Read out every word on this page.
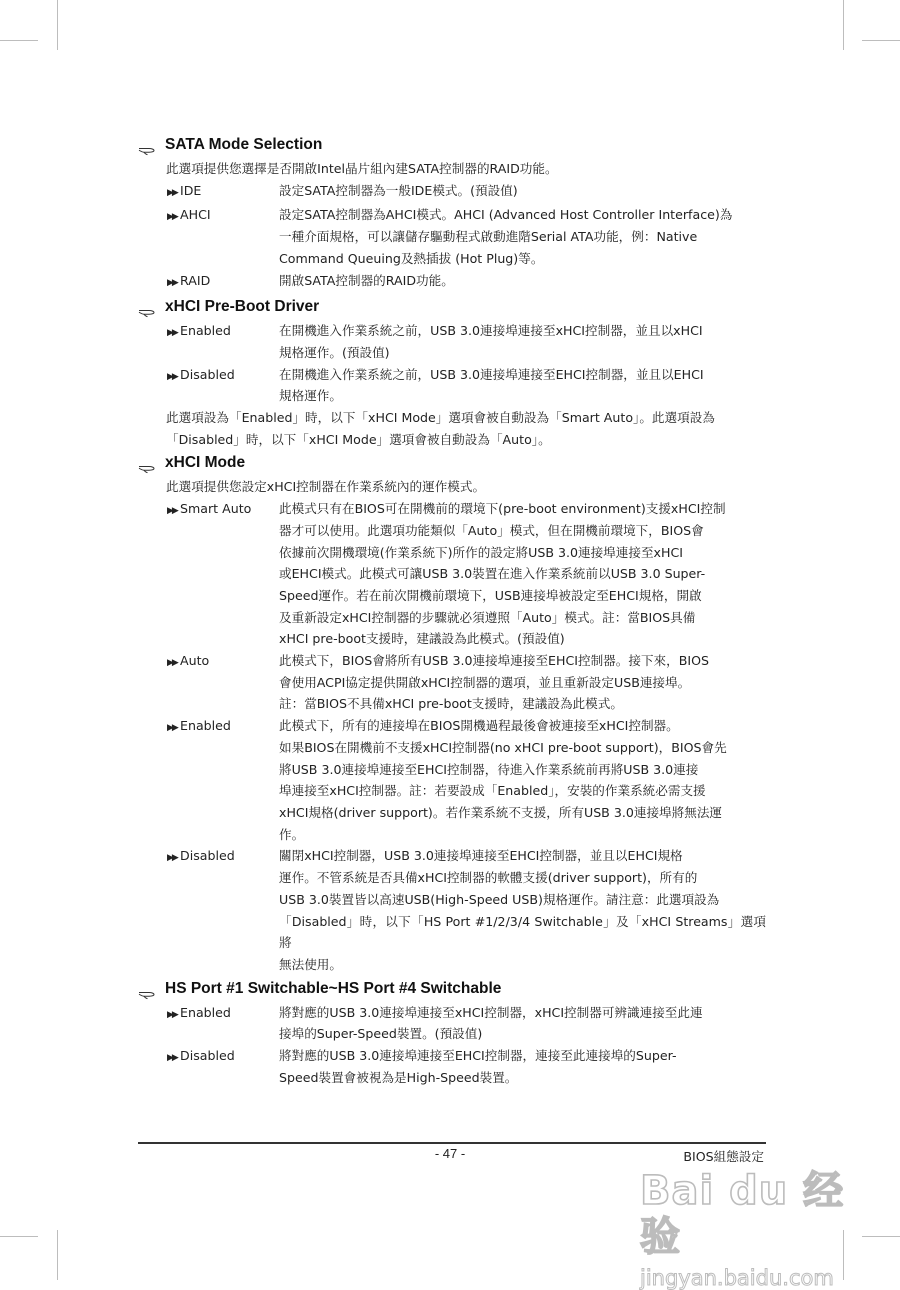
SATA Mode Selection
此選項提供您選擇是否開啟Intel晶片組內建SATA控制器的RAID功能。
▶▶ IDE	設定SATA控制器為一般IDE模式。(預設值)
▶▶ AHCI	設定SATA控制器為AHCI模式。AHCI (Advanced Host Controller Interface)為
一種介面規格，可以讓儲存驅動程式啟動進階Serial ATA功能，例：Native
Command Queuing及熱插拔 (Hot Plug)等。
▶▶ RAID	開啟SATA控制器的RAID功能。
xHCI Pre-Boot Driver
▶▶ Enabled	在開機進入作業系統之前，USB 3.0連接埠連接至xHCI控制器，並且以xHCI
規格運作。(預設值)
▶▶ Disabled	在開機進入作業系統之前，USB 3.0連接埠連接至EHCI控制器，並且以EHCI
規格運作。
此選項設為「Enabled」時，以下「xHCI Mode」選項會被自動設為「Smart Auto」。此選項設為
「Disabled」時，以下「xHCI Mode」選項會被自動設為「Auto」。
xHCI Mode
此選項提供您設定xHCI控制器在作業系統內的運作模式。
▶▶ Smart Auto	此模式只有在BIOS可在開機前的環境下(pre-boot environment)支援xHCI控制
器才可以使用。此選項功能類似「Auto」模式，但在開機前環境下，BIOS會
依據前次開機環境(作業系統下)所作的設定將USB 3.0連接埠連接至xHCI
或EHCI模式。此模式可讓USB 3.0裝置在進入作業系統前以USB 3.0 Super-
Speed運作。若在前次開機前環境下，USB連接埠被設定至EHCI規格，開啟
及重新設定xHCI控制器的步驟就必須遵照「Auto」模式。註：當BIOS具備
xHCI pre-boot支援時，建議設為此模式。(預設值)
▶▶ Auto	此模式下，BIOS會將所有USB 3.0連接埠連接至EHCI控制器。接下來，BIOS
會使用ACPI協定提供開啟xHCI控制器的選項，並且重新設定USB連接埠。
註：當BIOS不具備xHCI pre-boot支援時，建議設為此模式。
▶▶ Enabled	此模式下，所有的連接埠在BIOS開機過程最後會被連接至xHCI控制器。
如果BIOS在開機前不支援xHCI控制器(no xHCI pre-boot support)，BIOS會先
將USB 3.0連接埠連接至EHCI控制器，待進入作業系統前再將USB 3.0連接
埠連接至xHCI控制器。註：若要設成「Enabled」，安裝的作業系統必需支援
xHCI規格(driver support)。若作業系統不支援，所有USB 3.0連接埠將無法運
作。
▶▶ Disabled	關閉xHCI控制器，USB 3.0連接埠連接至EHCI控制器，並且以EHCI規格
運作。不管系統是否具備xHCI控制器的軟體支援(driver support)，所有的
USB 3.0裝置皆以高速USB(High-Speed USB)規格運作。請注意：此選項設為
「Disabled」時，以下「HS Port #1/2/3/4 Switchable」及「xHCI Streams」選項將
無法使用。
HS Port #1 Switchable~HS Port #4 Switchable
▶▶ Enabled	將對應的USB 3.0連接埠連接至xHCI控制器，xHCI控制器可辨識連接至此連
接埠的Super-Speed裝置。(預設值)
▶▶ Disabled	將對應的USB 3.0連接埠連接至EHCI控制器，連接至此連接埠的Super-
Speed裝置會被視為是High-Speed裝置。
- 47 -	BIOS組態設定
Bai du 经验
jingyan.baidu.com
